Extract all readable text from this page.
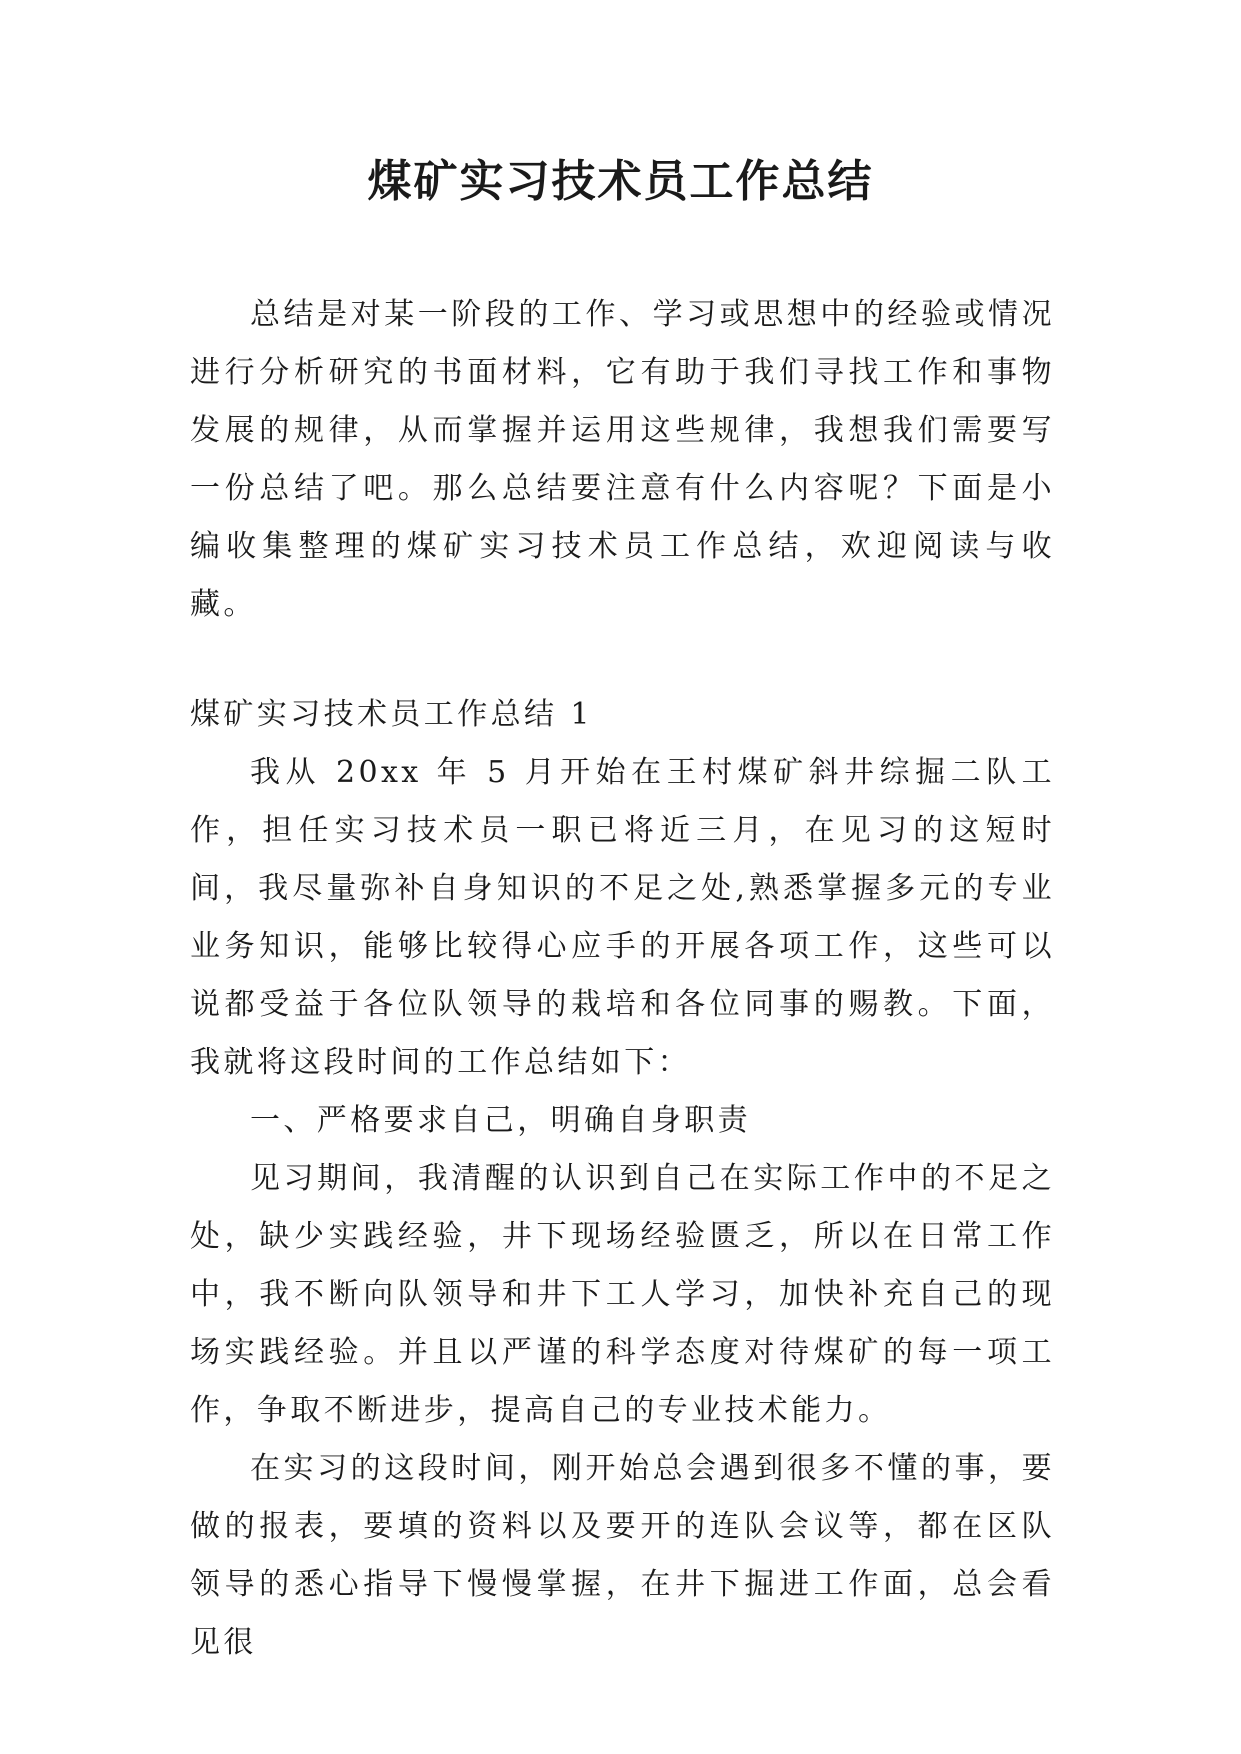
煤矿实习技术员工作总结

总结是对某一阶段的工作、学习或思想中的经验或情况进行分析研究的书面材料，它有助于我们寻找工作和事物发展的规律，从而掌握并运用这些规律，我想我们需要写一份总结了吧。那么总结要注意有什么内容呢？下面是小编收集整理的煤矿实习技术员工作总结，欢迎阅读与收藏。

煤矿实习技术员工作总结 1

我从 20xx 年 5 月开始在王村煤矿斜井综掘二队工作，担任实习技术员一职已将近三月，在见习的这短时间，我尽量弥补自身知识的不足之处,熟悉掌握多元的专业业务知识，能够比较得心应手的开展各项工作，这些可以说都受益于各位队领导的栽培和各位同事的赐教。下面，我就将这段时间的工作总结如下：

一、严格要求自己，明确自身职责

见习期间，我清醒的认识到自己在实际工作中的不足之处，缺少实践经验，井下现场经验匮乏，所以在日常工作中，我不断向队领导和井下工人学习，加快补充自己的现场实践经验。并且以严谨的科学态度对待煤矿的每一项工作，争取不断进步，提高自己的专业技术能力。

在实习的这段时间，刚开始总会遇到很多不懂的事，要做的报表，要填的资料以及要开的连队会议等，都在区队领导的悉心指导下慢慢掌握，在井下掘进工作面，总会看见很
